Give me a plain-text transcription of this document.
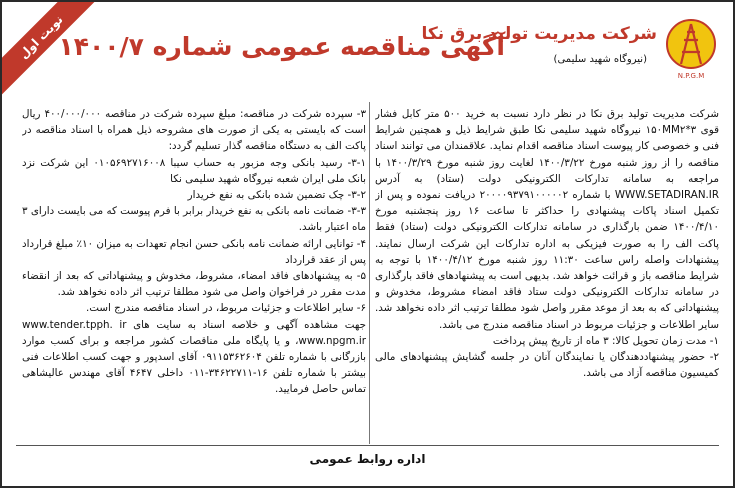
نوبت اول
آگهی مناقصه عمومی شماره ۱۴۰۰/۷
N.P.G.M
شرکت مدیریت تولید برق نکا
(نیروگاه شهید سلیمی)

شرکت مدیریت تولید برق نکا در نظر دارد نسبت به خرید ۵۰۰ متر کابل فشار قوی ۱۵۰MM۲*۳ نیروگاه شهید سلیمی نکا طبق شرایط ذیل و همچنین شرایط فنی و خصوصی کار پیوست اسناد مناقصه اقدام نماید. علاقمندان می توانند اسناد مناقصه را از روز شنبه مورخ ۱۴۰۰/۳/۲۲ لغایت روز شنبه مورخ ۱۴۰۰/۳/۲۹ با مراجعه به سامانه تدارکات الکترونیکی دولت (ستاد) به آدرس WWW.SETADIRAN.IR با شماره ۲۰۰۰۰۹۳۷۹۱۰۰۰۰۰۲ دریافت نموده و پس از تکمیل اسناد پاکات پیشنهادی را حداکثر تا ساعت ۱۶ روز پنجشنبه مورخ ۱۴۰۰/۴/۱۰ ضمن بارگذاری در سامانه تدارکات الکترونیکی دولت (ستاد) فقط پاکت الف را به صورت فیزیکی به اداره تدارکات این شرکت ارسال نمایند. پیشنهادات واصله راس ساعت ۱۱:۳۰ روز شنبه مورخ ۱۴۰۰/۴/۱۲ با توجه به شرایط مناقصه باز و قرائت خواهد شد. بدیهی است به پیشنهادهای فاقد بارگذاری در سامانه تدارکات الکترونیکی دولت ستاد فاقد امضاء مشروط، مخدوش و پیشنهاداتی که به بعد از موعد مقرر واصل شود مطلقا ترتیب اثر داده نخواهد شد. سایر اطلاعات و جزئیات مربوط در اسناد مناقصه مندرج می باشد.

۱- مدت زمان تحویل کالا: ۳ ماه از تاریخ پیش پرداخت

۲- حضور پیشنهاددهندگان یا نمایندگان آنان در جلسه گشایش پیشنهادهای مالی کمیسیون مناقصه آزاد می باشد.

۳- سپرده شرکت در مناقصه: مبلغ سپرده شرکت در مناقصه ۴۰۰/۰۰۰/۰۰۰ ریال است که بایستی به یکی از صورت های مشروحه ذیل همراه با اسناد مناقصه در پاکت الف به دستگاه مناقصه گذار تسلیم گردد:

۳-۱- رسید بانکی وجه مزبور به حساب سیبا ۰۱۰۵۶۹۲۷۱۶۰۰۸ این شرکت نزد بانک ملی ایران شعبه نیروگاه شهید سلیمی نکا

۳-۲- چک تضمین شده بانکی به نفع خریدار

۳-۳- ضمانت نامه بانکی به نفع خریدار برابر با فرم پیوست که می بایست دارای ۳ ماه اعتبار باشد.

۴- توانایی ارائه ضمانت نامه بانکی حسن انجام تعهدات به میزان ۱۰٪ مبلغ قرارداد پس از عقد قرارداد

۵- به پیشنهادهای فاقد امضاء، مشروط، مخدوش و پیشنهاداتی که بعد از انقضاء مدت مقرر در فراخوان واصل می شود مطلقا ترتیب اثر داده نخواهد شد.

۶- سایر اطلاعات و جزئیات مربوط، در اسناد مناقصه مندرج است.

جهت مشاهده آگهی و خلاصه اسناد به سایت های www.tender.tpph. ir ،www.npgm.ir و یا پایگاه ملی مناقصات کشور مراجعه و برای کسب موارد بازرگانی با شماره تلفن ۰۹۱۱۵۳۶۲۶۰۴ آقای اسدپور و جهت کسب اطلاعات فنی بیشتر با شماره تلفن ۱۶-۳۴۶۲۲۷۱۱-۰۱۱ داخلی ۴۶۴۷ آقای مهندس عالیشاهی تماس حاصل فرمایید.

اداره روابط عمومی
